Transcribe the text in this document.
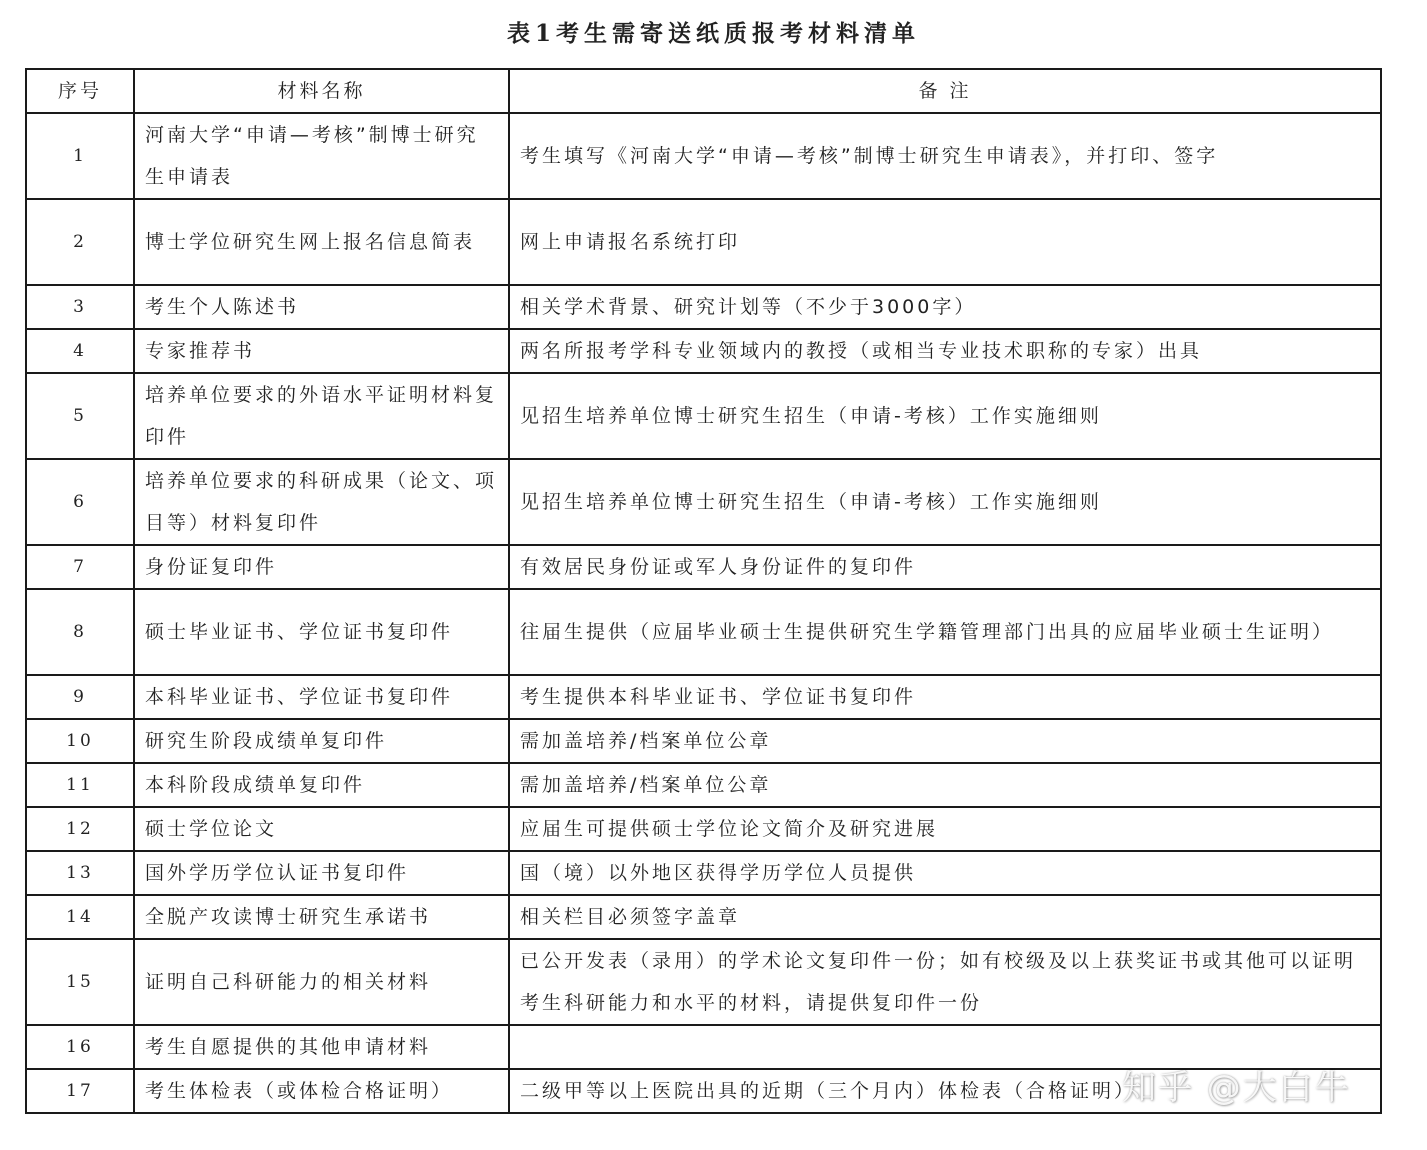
表1考生需寄送纸质报考材料清单
序号	材料名称	备 注
1	河南大学“申请—考核”制博士研究生申请表	考生填写《河南大学“申请—考核”制博士研究生申请表》，并打印、签字
2	博士学位研究生网上报名信息简表	网上申请报名系统打印
3	考生个人陈述书	相关学术背景、研究计划等（不少于3000字）
4	专家推荐书	两名所报考学科专业领域内的教授（或相当专业技术职称的专家）出具
5	培养单位要求的外语水平证明材料复印件	见招生培养单位博士研究生招生（申请-考核）工作实施细则
6	培养单位要求的科研成果（论文、项目等）材料复印件	见招生培养单位博士研究生招生（申请-考核）工作实施细则
7	身份证复印件	有效居民身份证或军人身份证件的复印件
8	硕士毕业证书、学位证书复印件	往届生提供（应届毕业硕士生提供研究生学籍管理部门出具的应届毕业硕士生证明）
9	本科毕业证书、学位证书复印件	考生提供本科毕业证书、学位证书复印件
10	研究生阶段成绩单复印件	需加盖培养/档案单位公章
11	本科阶段成绩单复印件	需加盖培养/档案单位公章
12	硕士学位论文	应届生可提供硕士学位论文简介及研究进展
13	国外学历学位认证书复印件	国（境）以外地区获得学历学位人员提供
14	全脱产攻读博士研究生承诺书	相关栏目必须签字盖章
15	证明自己科研能力的相关材料	已公开发表（录用）的学术论文复印件一份；如有校级及以上获奖证书或其他可以证明考生科研能力和水平的材料，请提供复印件一份
16	考生自愿提供的其他申请材料	
17	考生体检表（或体检合格证明）	二级甲等以上医院出具的近期（三个月内）体检表（合格证明）
知乎 @大白牛
